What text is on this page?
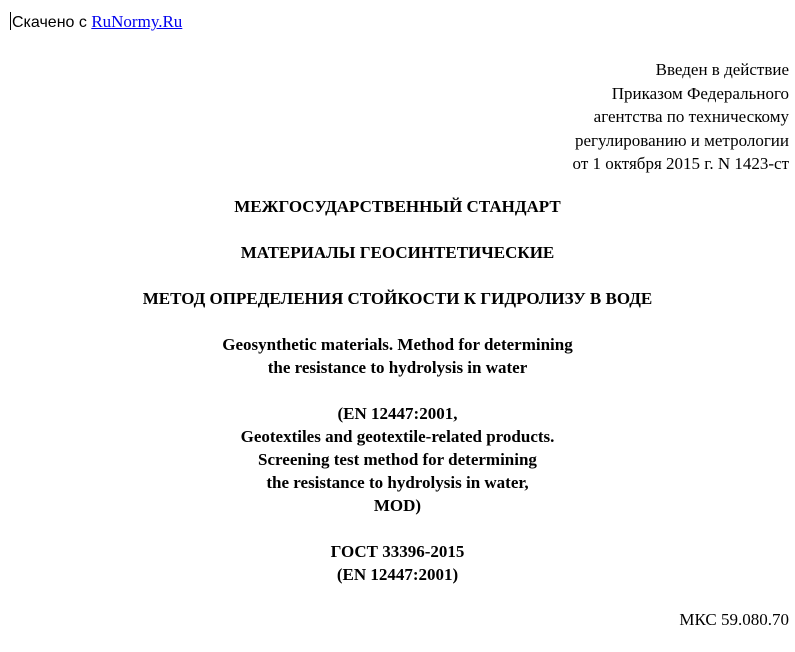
Скачено с RuNormy.Ru
Введен в действие
Приказом Федерального
агентства по техническому
регулированию и метрологии
от 1 октября 2015 г. N 1423-ст
МЕЖГОСУДАРСТВЕННЫЙ СТАНДАРТ
МАТЕРИАЛЫ ГЕОСИНТЕТИЧЕСКИЕ
МЕТОД ОПРЕДЕЛЕНИЯ СТОЙКОСТИ К ГИДРОЛИЗУ В ВОДЕ
Geosynthetic materials. Method for determining
the resistance to hydrolysis in water
(EN 12447:2001,
Geotextiles and geotextile-related products.
Screening test method for determining
the resistance to hydrolysis in water,
MOD)
ГОСТ 33396-2015
(EN 12447:2001)
МКС 59.080.70
